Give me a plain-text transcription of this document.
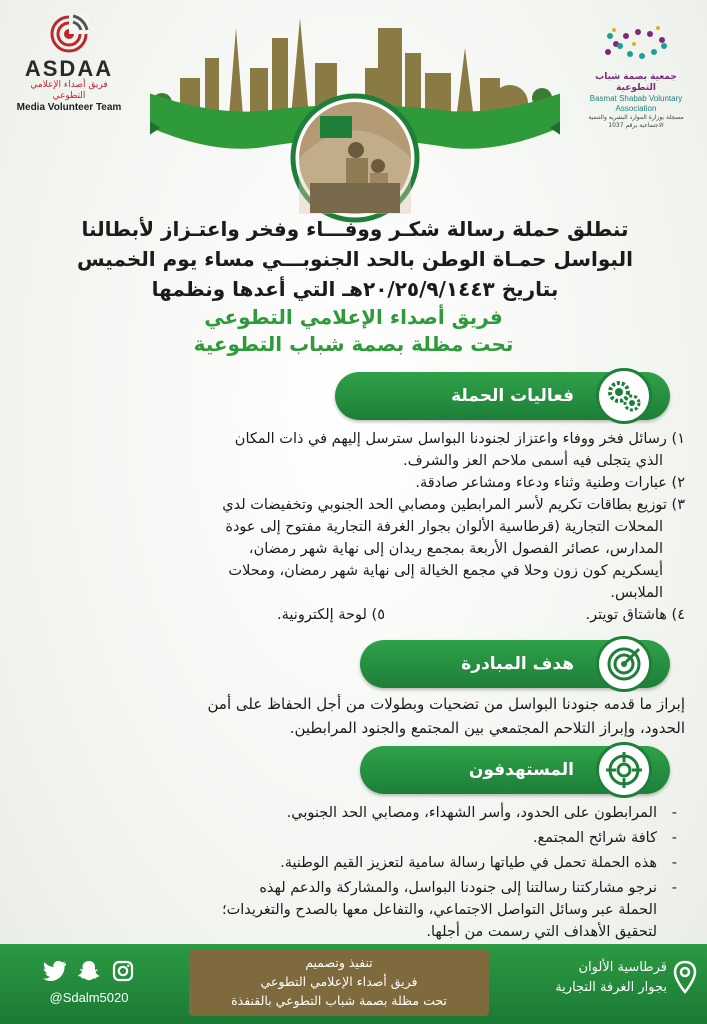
ASDAA
فريق أصداء الإعلامي التطوعي
Media Volunteer Team
جمعية بصمة شباب التطوعية
Basmat Shabab Voluntary Association
مسجلة بوزارة الموارد البشرية والتنمية الاجتماعية برقم 1037
تنطلق حملة رسالة شكـر ووفـــاء وفخر واعتـزاز لأبطالنا
البواسل حمـاة الوطن بالحد الجنوبـــي مساء يوم الخميس
بتاريخ ٢٠/٢٥/٩/١٤٤٣هـ التي أعدها ونظمها
فريق أصداء الإعلامي التطوعي
تحت مظلة بصمة شباب التطوعية
فعاليات الحملة

١) رسائل فخر ووفاء واعتزاز لجنودنا البواسل سترسل إليهم في ذات المكان

الذي يتجلى فيه أسمى ملاحم العز والشرف.

٢) عبارات وطنية وثناء ودعاء ومشاعر صادقة.

٣) توزيع بطاقات تكريم لأسر المرابطين ومصابي الحد الجنوبي وتخفيضات لدي

المحلات التجارية (قرطاسية الألوان بجوار الغرفة التجارية مفتوح إلى عودة

المدارس، عصائر الفصول الأربعة بمجمع ريدان إلى نهاية شهر رمضان،

أيسكريم كون زون وحلا في مجمع الخيالة إلى نهاية شهر رمضان، ومحلات

الملابس.

٤) هاشتاق تويتر.
٥) لوحة إلكترونية.
هدف المبادرة
إبراز ما قدمه جنودنا البواسل من تضحيات وبطولات من أجل الحفاظ على أمن
الحدود، وإبراز التلاحم المجتمعي بين المجتمع والجنود المرابطين.
المستهدفون
-
المرابطون على الحدود، وأسر الشهداء، ومصابي الحد الجنوبي.
-
كافة شرائح المجتمع.
-
هذه الحملة تحمل في طياتها رسالة سامية لتعزيز القيم الوطنية.
-
نرجو مشاركتنا رسالتنا إلى جنودنا البواسل، والمشاركة والدعم لهذه
الحملة عبر وسائل التواصل الاجتماعي، والتفاعل معها بالصدح والتغريدات؛
لتحقيق الأهداف التي رسمت من أجلها.
قرطاسية الألوان
بجوار الغرفة التجارية
تنفيذ وتصميم
فريق أصداء الإعلامي التطوعي
تحت مظلة بصمة شباب التطوعي بالقنفذة
@Sdalm5020
